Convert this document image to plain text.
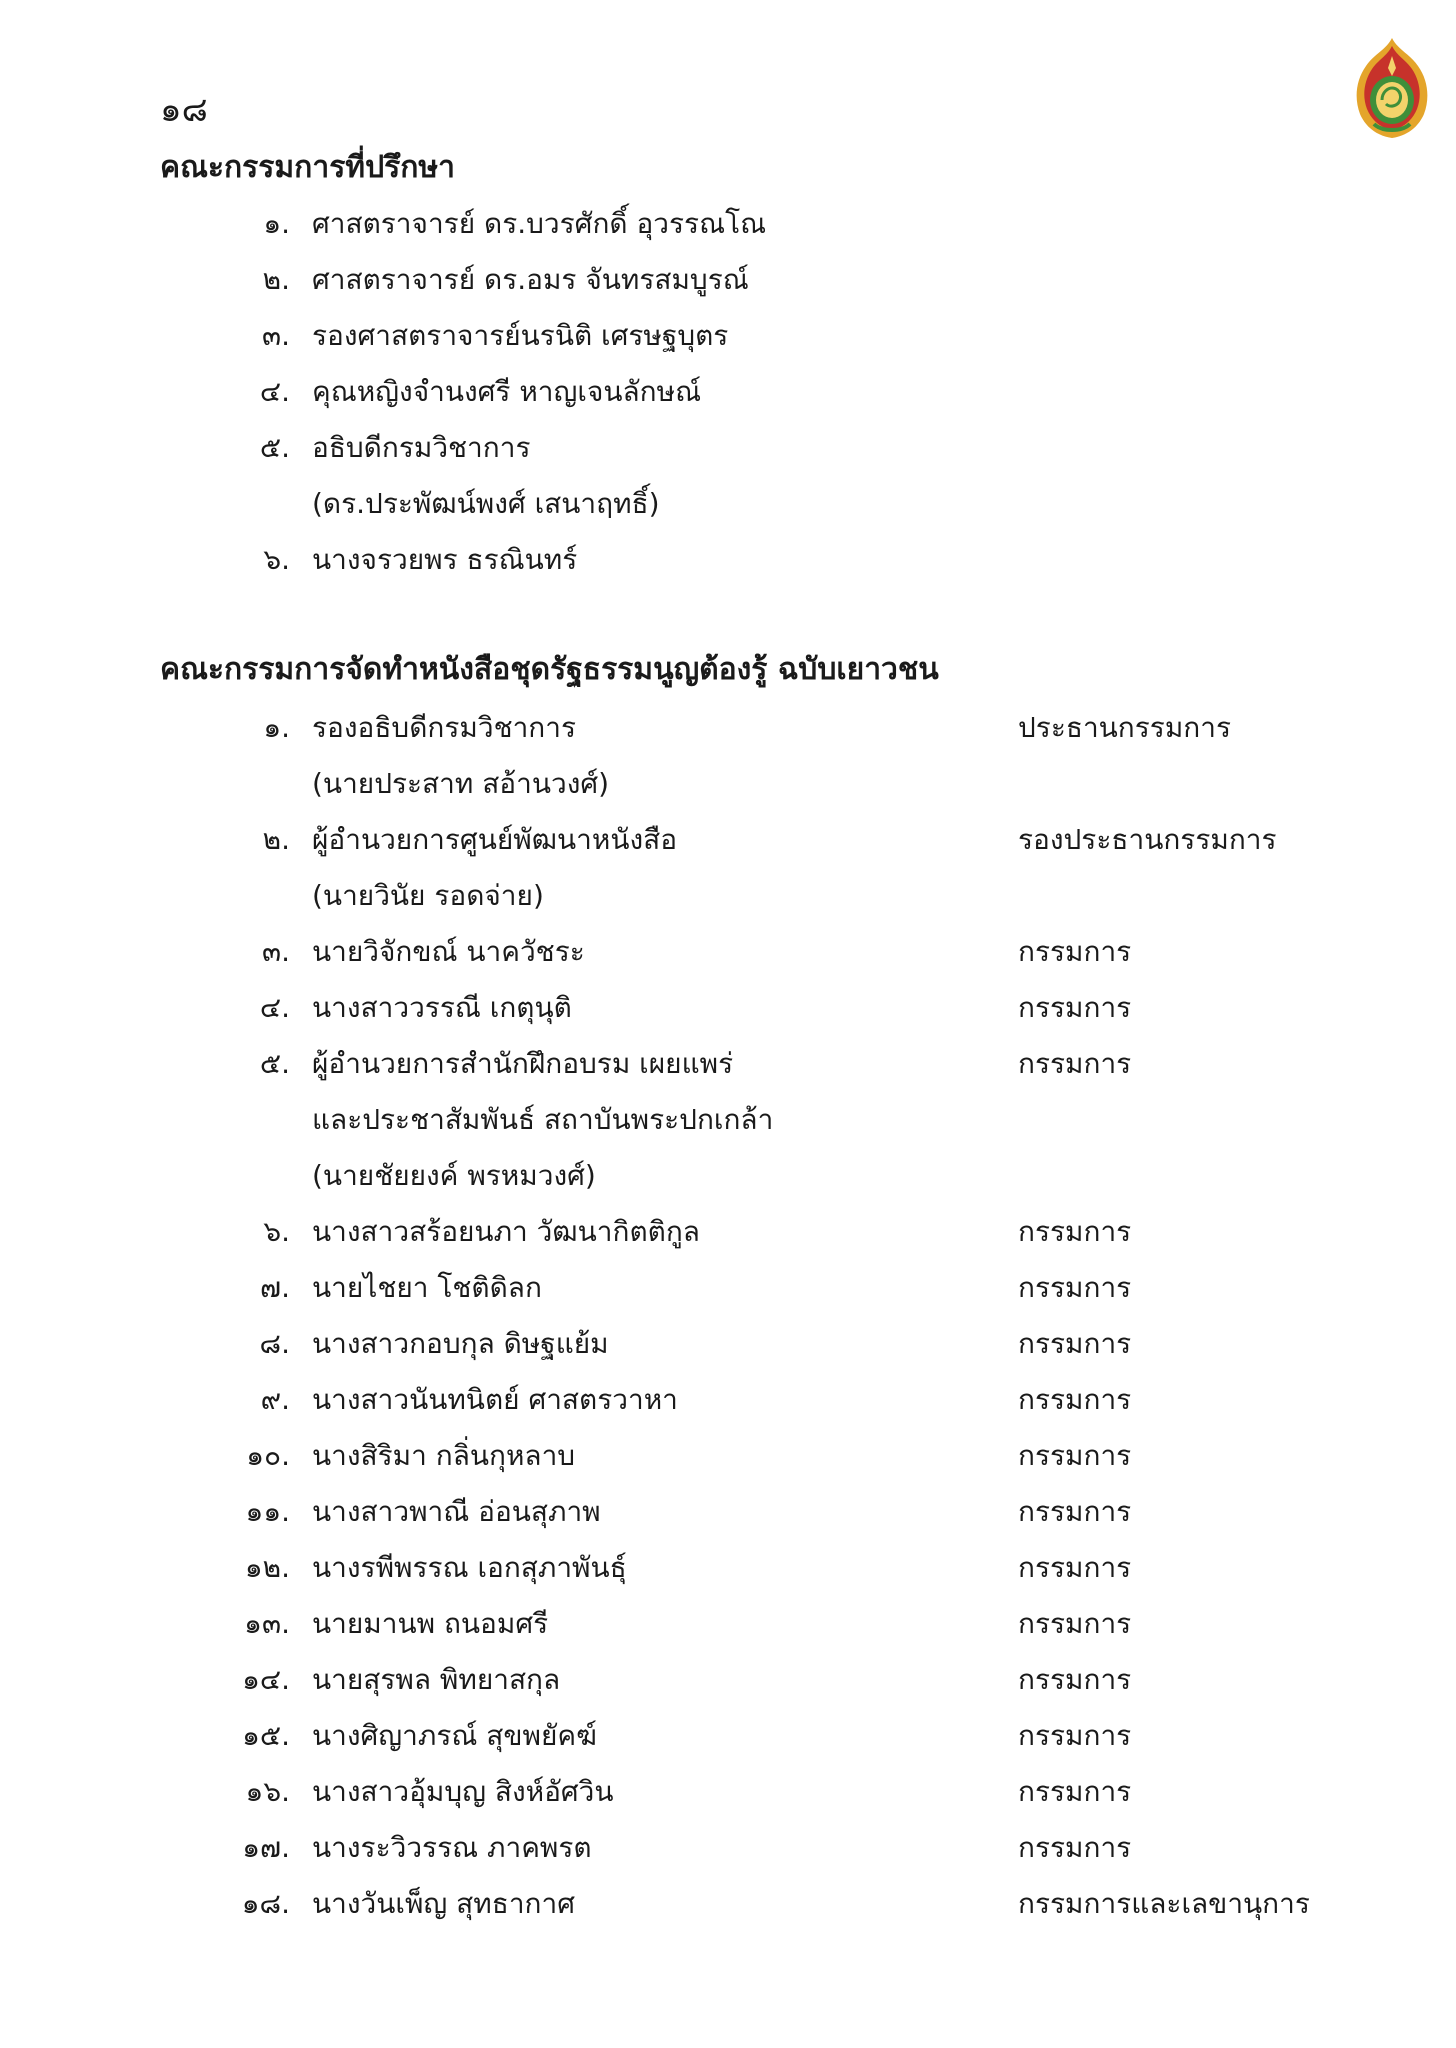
๑๘
คณะกรรมการที่ปรึกษา
๑. ศาสตราจารย์ ดร.บวรศักดิ์ อุวรรณโณ
๒. ศาสตราจารย์ ดร.อมร จันทรสมบูรณ์
๓. รองศาสตราจารย์นรนิติ เศรษฐบุตร
๔. คุณหญิงจำนงศรี หาญเจนลักษณ์
๕. อธิบดีกรมวิชาการ
(ดร.ประพัฒน์พงศ์ เสนาฤทธิ์)
๖. นางจรวยพร ธรณินทร์
คณะกรรมการจัดทำหนังสือชุดรัฐธรรมนูญต้องรู้ ฉบับเยาวชน
๑. รองอธิบดีกรมวิชาการ	ประธานกรรมการ
(นายประสาท สอ้านวงศ์)
๒. ผู้อำนวยการศูนย์พัฒนาหนังสือ	รองประธานกรรมการ
(นายวินัย รอดจ่าย)
๓. นายวิจักขณ์ นาควัชระ	กรรมการ
๔. นางสาววรรณี เกตุนุติ	กรรมการ
๕. ผู้อำนวยการสำนักฝึกอบรม เผยแพร่	กรรมการ
และประชาสัมพันธ์ สถาบันพระปกเกล้า
(นายชัยยงค์ พรหมวงศ์)
๖. นางสาวสร้อยนภา วัฒนากิตติกูล	กรรมการ
๗. นายไชยา โชติดิลก	กรรมการ
๘. นางสาวกอบกุล ดิษฐแย้ม	กรรมการ
๙. นางสาวนันทนิตย์ ศาสตรวาหา	กรรมการ
๑๐. นางสิริมา กลิ่นกุหลาบ	กรรมการ
๑๑. นางสาวพาณี อ่อนสุภาพ	กรรมการ
๑๒. นางรพีพรรณ เอกสุภาพันธุ์	กรรมการ
๑๓. นายมานพ ถนอมศรี	กรรมการ
๑๔. นายสุรพล พิทยาสกุล	กรรมการ
๑๕. นางศิญาภรณ์ สุขพยัคฆ์	กรรมการ
๑๖. นางสาวอุ้มบุญ สิงห์อัศวิน	กรรมการ
๑๗. นางระวิวรรณ ภาคพรต	กรรมการ
๑๘. นางวันเพ็ญ สุทธากาศ	กรรมการและเลขานุการ
